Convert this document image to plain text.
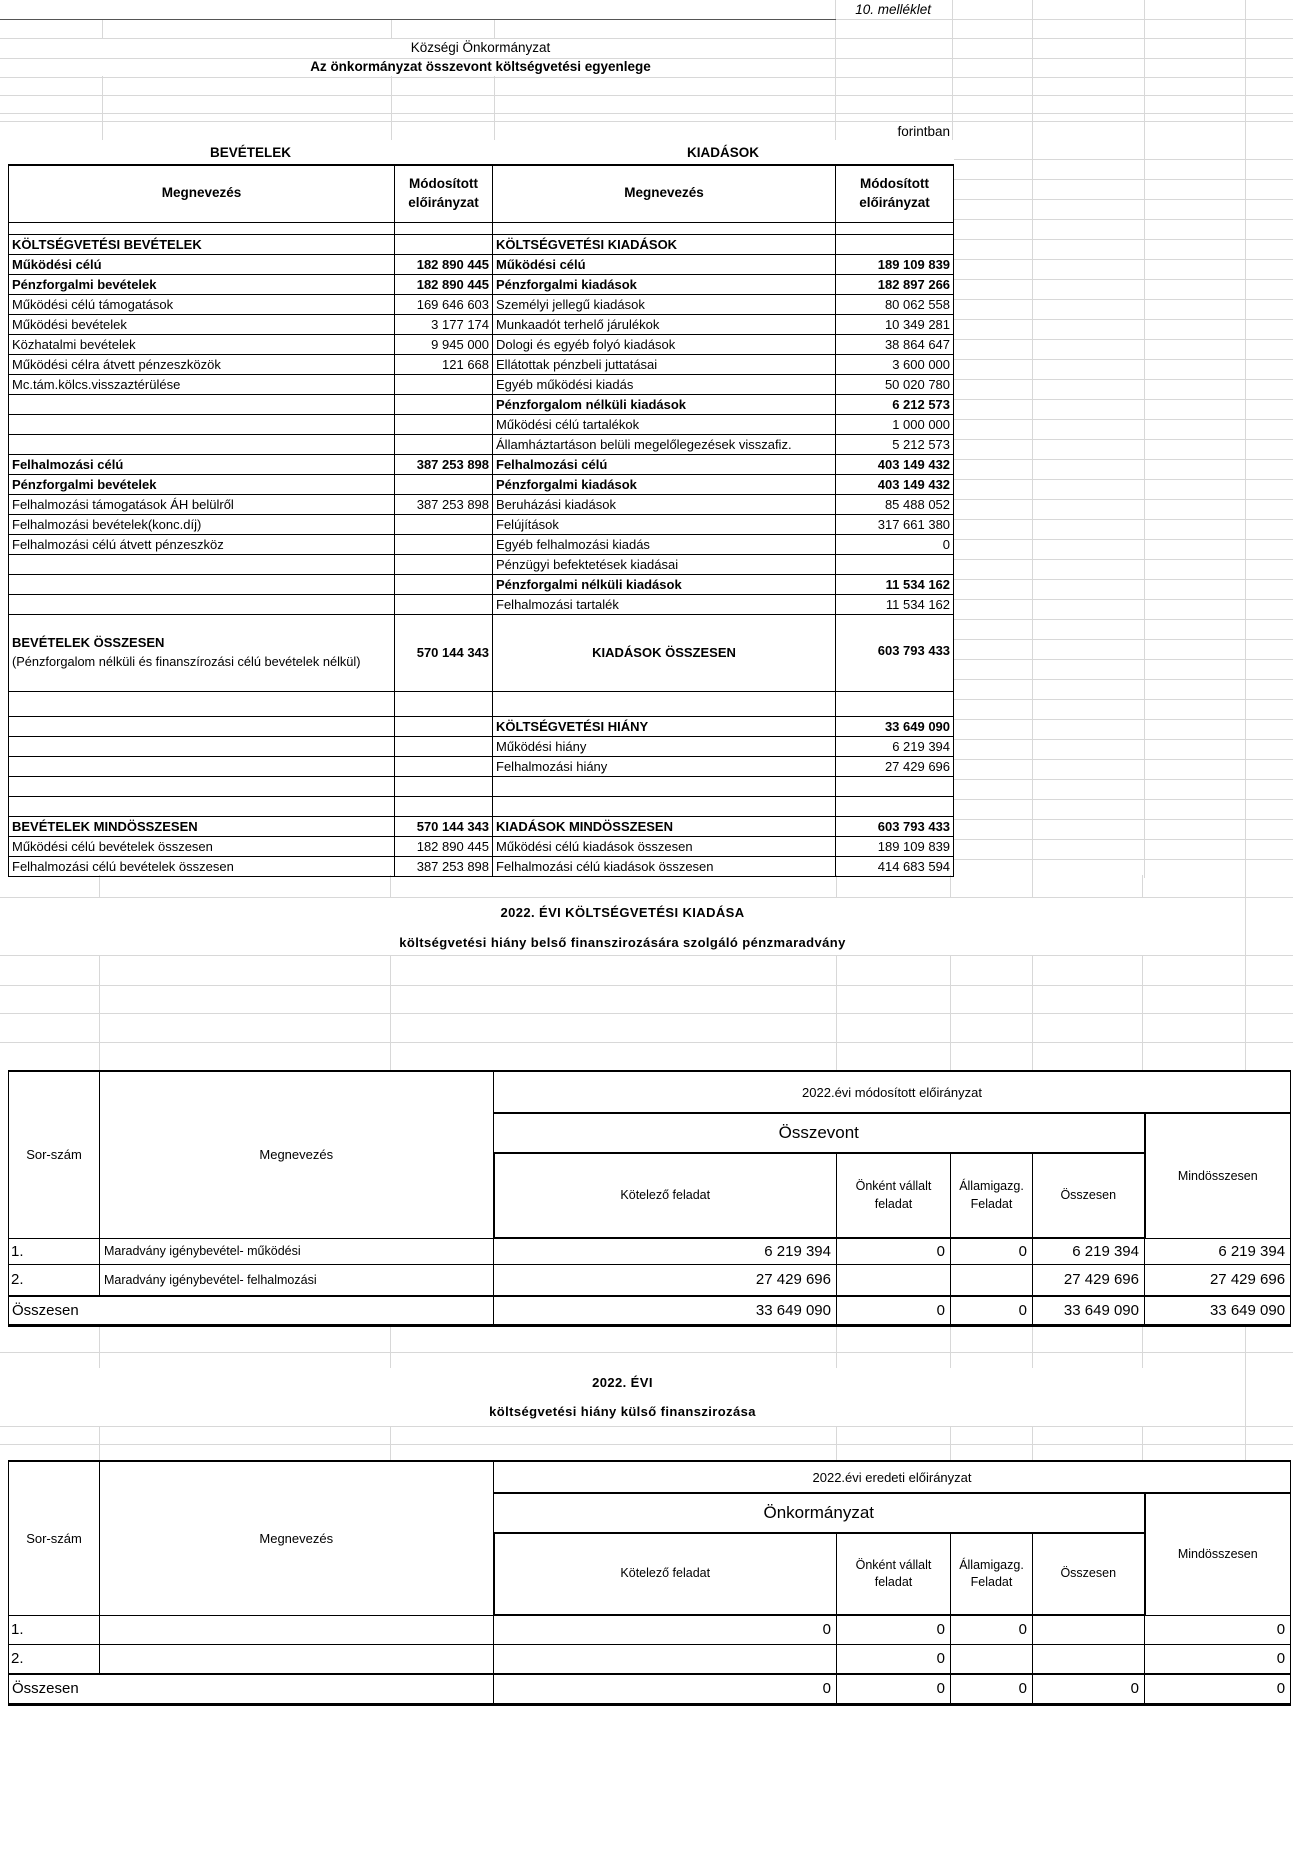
10. melléklet
Községi Önkormányzat
Az önkormányzat összevont költségvetési egyenlege
forintban
BEVÉTELEK		KIADÁSOK	
Megnevezés	Módosított előirányzat	Megnevezés	Módosított előirányzat

KÖLTSÉGVETÉSI BEVÉTELEK		KÖLTSÉGVETÉSI KIADÁSOK	
Működési célú	182 890 445	Működési célú	189 109 839
Pénzforgalmi bevételek	182 890 445	Pénzforgalmi kiadások	182 897 266
Működési célú támogatások	169 646 603	Személyi jellegű kiadások	80 062 558
Működési bevételek	3 177 174	Munkaadót terhelő járulékok	10 349 281
Közhatalmi bevételek	9 945 000	Dologi és egyéb folyó kiadások	38 864 647
Működési célra átvett pénzeszközök	121 668	Ellátottak pénzbeli juttatásai	3 600 000
Mc.tám.kölcs.visszaztérülése		Egyéb működési kiadás	50 020 780
		Pénzforgalom nélküli kiadások	6 212 573
		Működési célú tartalékok	1 000 000
		Államháztartáson belüli megelőlegezések visszafiz.	5 212 573
Felhalmozási célú	387 253 898	Felhalmozási célú	403 149 432
Pénzforgalmi bevételek		Pénzforgalmi kiadások	403 149 432
Felhalmozási támogatások ÁH belülről	387 253 898	Beruházási kiadások	85 488 052
Felhalmozási bevételek(konc.díj)		Felújítások	317 661 380
Felhalmozási célú átvett pénzeszköz		Egyéb felhalmozási kiadás	0
		Pénzügyi befektetések kiadásai	
		Pénzforgalmi nélküli kiadások	11 534 162
		Felhalmozási tartalék	11 534 162
BEVÉTELEK ÖSSZESEN
(Pénzforgalom nélküli és finanszírozási célú bevételek nélkül)	570 144 343	KIADÁSOK ÖSSZESEN	603 793 433

		KÖLTSÉGVETÉSI HIÁNY	33 649 090
		Működési hiány	6 219 394
		Felhalmozási hiány	27 429 696

BEVÉTELEK MINDÖSSZESEN	570 144 343	KIADÁSOK MINDÖSSZESEN	603 793 433
Működési célú bevételek összesen	182 890 445	Működési célú kiadások összesen	189 109 839
Felhalmozási célú bevételek összesen	387 253 898	Felhalmozási célú kiadások összesen	414 683 594
2022. ÉVI KÖLTSÉGVETÉSI KIADÁSA
költségvetési hiány belső finanszirozására szolgáló pénzmaradvány
Sor-szám	Megnevezés	2022.évi módosított előirányzat				
		Összevont				Mindösszesen
		Kötelező feladat	Önként vállalt feladat	Államigazg. Feladat	Összesen	
1.	Maradvány igénybevétel- működési	6 219 394	0	0	6 219 394	6 219 394
2.	Maradvány igénybevétel- felhalmozási	27 429 696			27 429 696	27 429 696
Összesen		33 649 090	0	0	33 649 090	33 649 090
2022. ÉVI
költségvetési hiány külső finanszirozása
Sor-szám	Megnevezés	2022.évi eredeti előirányzat				
		Önkormányzat				Mindösszesen
		Kötelező feladat	Önként vállalt feladat	Államigazg. Feladat	Összesen	
1.		0	0	0		0
2.			0			0
Összesen		0	0	0	0	0
